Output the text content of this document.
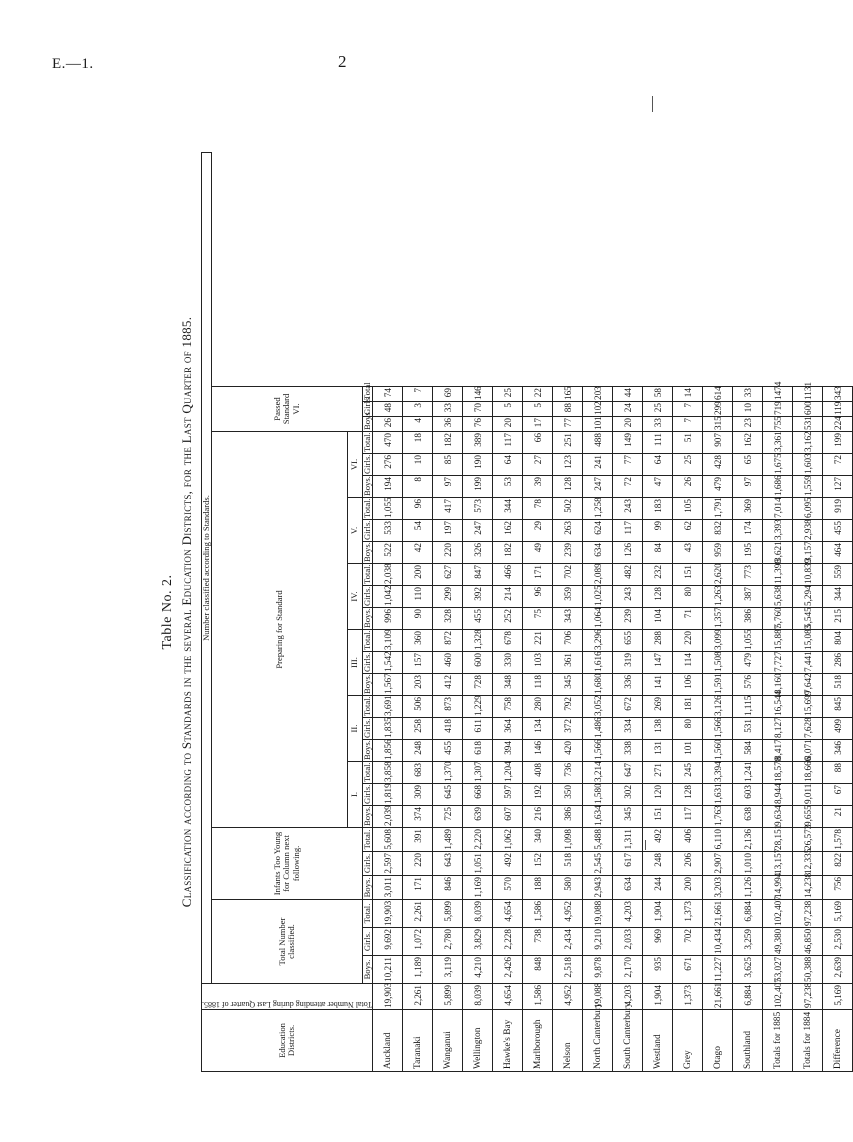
E.—1.	2
Table No. 2. Classification according to Standards in the several Education Districts, for the Last Quarter of 1885.
Education Districts.	Total Number attending during Last Quarter of 1885.	Number classified according to Standards.																										
		Total Number classified.			Infants Too Young for Column next following.			Preparing for Standard																		Passed Standard VI.		
								I.			II.			III.			IV.			V.			VI.					
		Boys.	Girls.	Total.	Boys.	Girls.	Total.	Boys.	Girls.	Total.	Boys.	Girls.	Total.	Boys.	Girls.	Total.	Boys.	Girls.	Total.	Boys.	Girls.	Total.	Boys.	Girls.	Total.	Boys	Girls	Total
Auckland	19,903	10,211	9,692	19,903	3,011	2,597	5,608	2,039	1,819	3,858	1,856	1,835	3,691	1,567	1,542	3,109	996	1,042	2,038	522	533	1,055	194	276	470	26	48	74
Taranaki	2,261	1,189	1,072	2,261	171	220	391	374	309	683	248	258	506	203	157	360	90	110	200	42	54	96	8	10	18	4	3	7
Wanganui	5,899	3,119	2,780	5,899	846	643	1,489	725	645	1,370	455	418	873	412	460	872	328	299	627	220	197	417	97	85	182	36	33	69
Wellington	8,039	4,210	3,829	8,039	1,169	1,051	2,220	639	668	1,307	618	611	1,229	728	600	1,328	455	392	847	326	247	573	199	190	389	76	70	146
Hawke's Bay	4,654	2,426	2,228	4,654	570	492	1,062	607	597	1,204	394	364	758	348	330	678	252	214	466	182	162	344	53	64	117	20	5	25
Marlborough	1,586	848	738	1,586	188	152	340	216	192	408	146	134	280	118	103	221	75	96	171	49	29	78	39	27	66	17	5	22
Nelson	4,952	2,518	2,434	4,952	580	518	1,098	386	350	736	420	372	792	345	361	706	343	359	702	239	263	502	128	123	251	77	88	165
North Canterbury	19,088	9,878	9,210	19,088	2,943	2,545	5,488	1,634	1,580	3,214	1,566	1,486	3,052	1,680	1,616	3,296	1,064	1,025	2,089	634	624	1,258	247	241	488	101	102	203
South Canterbury	4,203	2,170	2,033	4,203	634	617	1,311	345	302	647	338	334	672	336	319	655	239	243	482	126	117	243	72	77	149	20	24	44
Westland	1,904	935	969	1,904	244	248	492	151	120	271	131	138	269	141	147	288	104	128	232	84	99	183	47	64	111	33	25	58
Grey	1,373	671	702	1,373	200	206	406	117	128	245	101	80	181	106	114	220	71	80	151	43	62	105	26	25	51	7	7	14
Otago	21,661	11,227	10,434	21,661	3,203	2,907	6,110	1,763	1,631	3,394	1,560	1,566	3,126	1,591	1,508	3,099	1,357	1,263	2,620	959	832	1,791	479	428	907	315	299	614
Southland	6,884	3,625	3,259	6,884	1,126	1,010	2,136	638	603	1,241	584	531	1,115	576	479	1,055	386	387	773	195	174	369	97	65	162	23	10	33
Totals for 1885	102,407	53,027	49,380	102,407	14,994	13,157	28,151	9,634	8,944	18,578	8,417	8,127	16,544	8,160	7,727	15,887	5,760	5,638	11,398	3,621	3,393	7,014	1,686	1,675	3,361	755	719	1474
Totals for 1884	97,238	50,388	46,850	97,238	14,238	12,335	26,573	9,655	9,011	18,666	8,071	7,628	15,699	7,642	7,441	15,083	5,545	5,294	10,839	3,157	2,938	6,095	1,559	1,603	3,162	531	600	1131
Difference	5,169	2,639	2,530	5,169	756	822	1,578	21	67	88	346	499	845	518	286	804	215	344	559	464	455	919	127	72	199	224	119	343
